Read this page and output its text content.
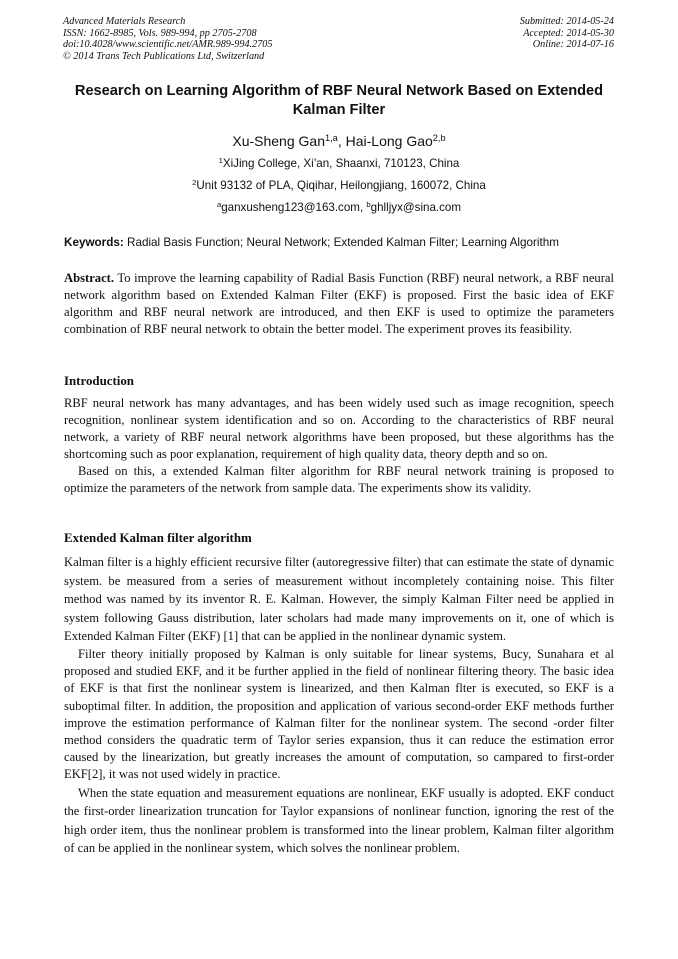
Advanced Materials Research
ISSN: 1662-8985, Vols. 989-994, pp 2705-2708
doi:10.4028/www.scientific.net/AMR.989-994.2705
© 2014 Trans Tech Publications Ltd, Switzerland
Submitted: 2014-05-24
Accepted: 2014-05-30
Online: 2014-07-16
Research on Learning Algorithm of RBF Neural Network Based on Extended Kalman Filter
Xu-Sheng Gan$^{1,a}$, Hai-Long Gao$^{2,b}$
$^1$XiJing College, Xi’an, Shaanxi, 710123, China
$^2$Unit 93132 of PLA, Qiqihar, Heilongjiang, 160072, China
$^a$ganxusheng123@163.com, $^b$ghlljyx@sina.com
Keywords: Radial Basis Function; Neural Network; Extended Kalman Filter; Learning Algorithm

Abstract. To improve the learning capability of Radial Basis Function (RBF) neural network, a RBF neural network algorithm based on Extended Kalman Filter (EKF) is proposed. First the basic idea of EKF algorithm and RBF neural network are introduced, and then EKF is used to optimize the parameters combination of RBF neural network to obtain the better model. The experiment proves its feasibility.

Introduction

RBF neural network has many advantages, and has been widely used such as image recognition, speech recognition, nonlinear system identification and so on. According to the characteristics of RBF neural network, a variety of RBF neural network algorithms have been proposed, but these algorithms has the shortcoming such as poor explanation, requirement of high quality data, theory depth and so on.

Based on this, a extended Kalman filter algorithm for RBF neural network training is proposed to optimize the parameters of the network from sample data. The experiments show its validity.

Extended Kalman filter algorithm

Kalman filter is a highly efficient recursive filter (autoregressive filter) that can estimate the state of dynamic system. be measured from a series of measurement without incompletely containing noise. This filter method was named by its inventor R. E. Kalman. However, the simply Kalman Filter need be applied in system following Gauss distribution, later scholars had made many improvements on it, one of which is Extended Kalman Filter (EKF) [1] that can be applied in the nonlinear dynamic system.

Filter theory initially proposed by Kalman is only suitable for linear systems, Bucy, Sunahara et al proposed and studied EKF, and it be further applied in the field of nonlinear filtering theory. The basic idea of EKF is that first the nonlinear system is linearized, and then Kalman flter is executed, so EKF is a suboptimal filter. In addition, the proposition and application of various second-order EKF methods further improve the estimation performance of Kalman filter for the nonlinear system. The second -order filter method considers the quadratic term of Taylor series expansion, thus it can reduce the estimation error caused by the linearization, but greatly increases the amount of computation, so campared to first-order EKF[2], it was not used widely in practice.

When the state equation and measurement equations are nonlinear, EKF usually is adopted. EKF conduct the first-order linearization truncation for Taylor expansions of nonlinear function, ignoring the rest of the high order item, thus the nonlinear problem is transformed into the linear problem, Kalman filter algorithm of can be applied in the nonlinear system, which solves the nonlinear problem.
